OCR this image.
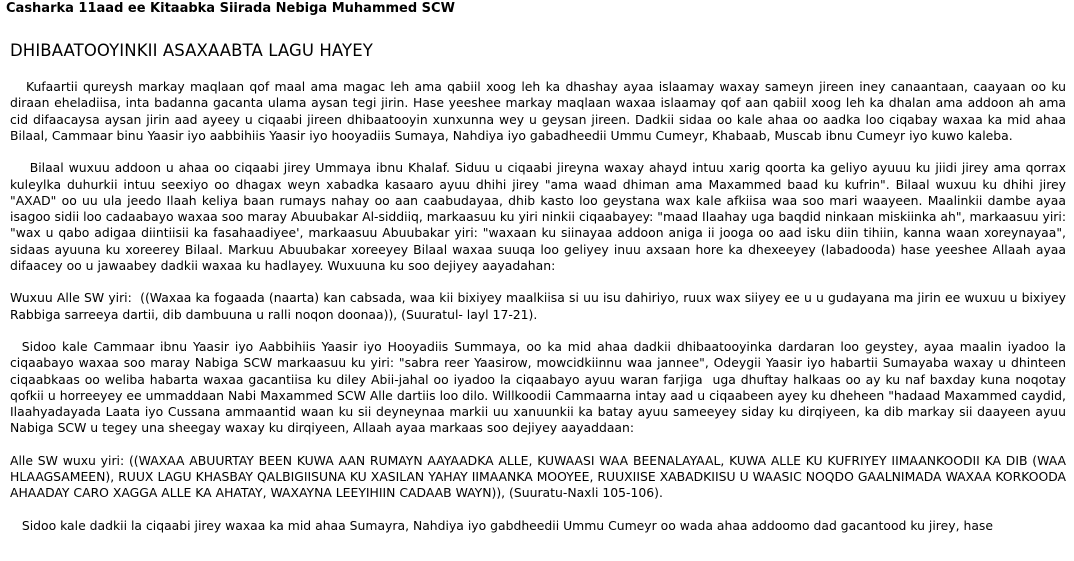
Casharka 11aad ee Kitaabka Siirada Nebiga Muhammed SCW
DHIBAATOOYINKII ASAXAABTA LAGU HAYEY

Kufaartii qureysh markay maqlaan qof maal ama magac leh ama qabiil xoog leh ka dhashay ayaa islaamay waxay sameyn jireen iney canaantaan, caayaan oo ku diraan eheladiisa, inta badanna gacanta ulama aysan tegi jirin. Hase yeeshee markay maqlaan waxaa islaamay qof aan qabiil xoog leh ka dhalan ama addoon ah ama cid difaacaysa aysan jirin aad ayeey u ciqaabi jireen dhibaatooyin xunxunna wey u geysan jireen. Dadkii sidaa oo kale ahaa oo aadka loo ciqabay waxaa ka mid ahaa Bilaal, Cammaar binu Yaasir iyo aabbihiis Yaasir iyo hooyadiis Sumaya, Nahdiya iyo gabadheedii Ummu Cumeyr, Khabaab, Muscab ibnu Cumeyr iyo kuwo kaleba.

Bilaal wuxuu addoon u ahaa oo ciqaabi jirey Ummaya ibnu Khalaf. Siduu u ciqaabi jireyna waxay ahayd intuu xarig qoorta ka geliyo ayuuu ku jiidi jirey ama qorrax kuleylka duhurkii intuu seexiyo oo dhagax weyn xabadka kasaaro ayuu dhihi jirey "ama waad dhiman ama Maxammed baad ku kufrin". Bilaal wuxuu ku dhihi jirey "AXAD" oo uu ula jeedo Ilaah keliya baan rumays nahay oo aan caabudayaa, dhib kasto loo geystana wax kale afkiisa waa soo mari waayeen. Maalinkii dambe ayaa isagoo sidii loo cadaabayo waxaa soo maray Abuubakar Al-siddiiq, markaasuu ku yiri ninkii ciqaabayey: "maad Ilaahay uga baqdid ninkaan miskiinka ah", markaasuu yiri: "wax u qabo adigaa diintiisii ka fasahaadiyee', markaasuu Abuubakar yiri: "waxaan ku siinayaa addoon aniga ii jooga oo aad isku diin tihiin, kanna waan xoreynayaa", sidaas ayuuna ku xoreerey Bilaal. Markuu Abuubakar xoreeyey Bilaal waxaa suuqa loo geliyey inuu axsaan hore ka dhexeeyey (labadooda) hase yeeshee Allaah ayaa difaacey oo u jawaabey dadkii waxaa ku hadlayey. Wuxuuna ku soo dejiyey aayadahan:

Wuxuu Alle SW yiri:  ((Waxaa ka fogaada (naarta) kan cabsada, waa kii bixiyey maalkiisa si uu isu dahiriyo, ruux wax siiyey ee u u gudayana ma jirin ee wuxuu u bixiyey Rabbiga sarreeya dartii, dib dambuuna u ralli noqon doonaa)), (Suuratul- layl 17-21).

Sidoo kale Cammaar ibnu Yaasir iyo Aabbihiis Yaasir iyo Hooyadiis Summaya, oo ka mid ahaa dadkii dhibaatooyinka dardaran loo geystey, ayaa maalin iyadoo la ciqaabayo waxaa soo maray Nabiga SCW markaasuu ku yiri: "sabra reer Yaasirow, mowcidkiinnu waa jannee", Odeygii Yaasir iyo habartii Sumayaba waxay u dhinteen ciqaabkaas oo weliba habarta waxaa gacantiisa ku diley Abii-jahal oo iyadoo la ciqaabayo ayuu waran farjiga  uga dhuftay halkaas oo ay ku naf baxday kuna noqotay qofkii u horreeyey ee ummaddaan Nabi Maxammed SCW Alle dartiis loo dilo. Willkoodii Cammaarna intay aad u ciqaabeen ayey ku dheheen "hadaad Maxammed caydid, Ilaahyadayada Laata iyo Cussana ammaantid waan ku sii deyneynaa markii uu xanuunkii ka batay ayuu sameeyey siday ku dirqiyeen, ka dib markay sii daayeen ayuu Nabiga SCW u tegey una sheegay waxay ku dirqiyeen, Allaah ayaa markaas soo dejiyey aayaddaan:

Alle SW wuxu yiri: ((WAXAA ABUURTAY BEEN KUWA AAN RUMAYN AAYAADKA ALLE, KUWAASI WAA BEENALAYAAL, KUWA ALLE KU KUFRIYEY IIMAANKOODII KA DIB (WAA HLAAGSAMEEN), RUUX LAGU KHASBAY QALBIGIISUNA KU XASILAN YAHAY IIMAANKA MOOYEE, RUUXIISE XABADKIISU U WAASIC NOQDO GAALNIMADA WAXAA KORKOODA AHAADAY CARO XAGGA ALLE KA AHATAY, WAXAYNA LEEYIHIIN CADAAB WAYN)), (Suuratu-Naxli 105-106).

Sidoo kale dadkii la ciqaabi jirey waxaa ka mid ahaa Sumayra, Nahdiya iyo gabdheedii Ummu Cumeyr oo wada ahaa addoomo dad gacantood ku jirey, hase
